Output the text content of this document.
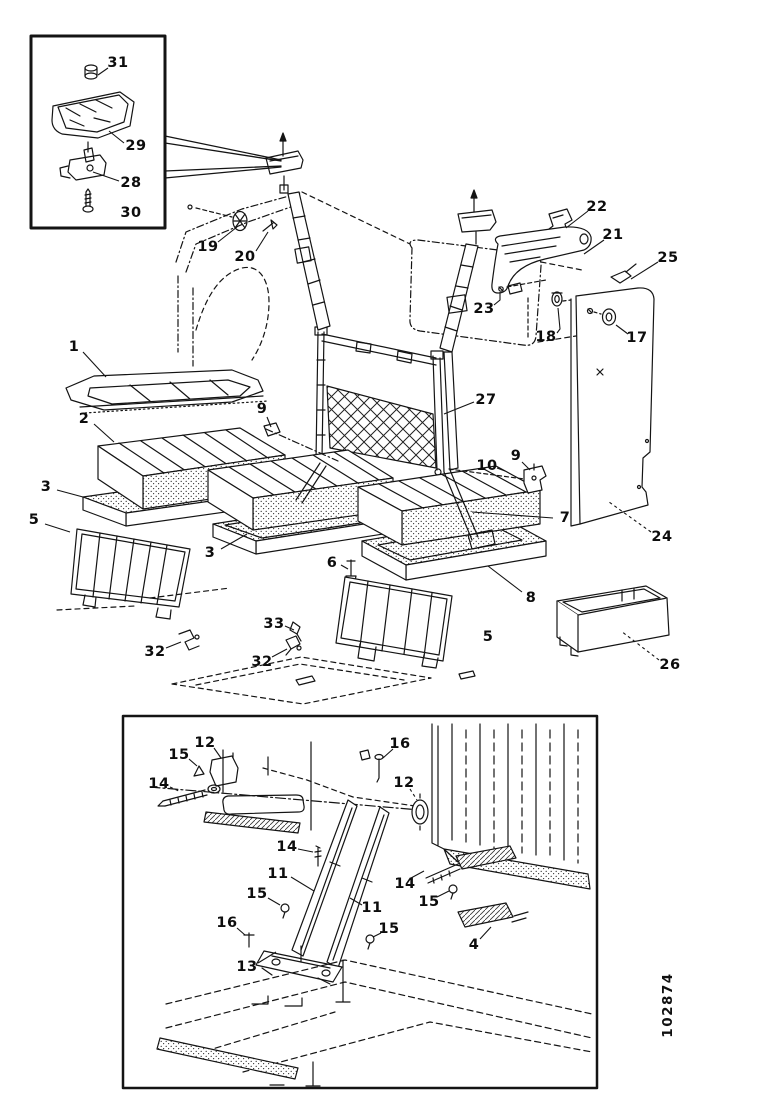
31
29
28
30
19
20
22
21
25
23
18	17
1
2
9
27
3
5
10
9
7
24
3
6
8
5
26
32
33
32
12
15
14
16
12
14
11
14
15
11
15
16	15
13
4
102874
